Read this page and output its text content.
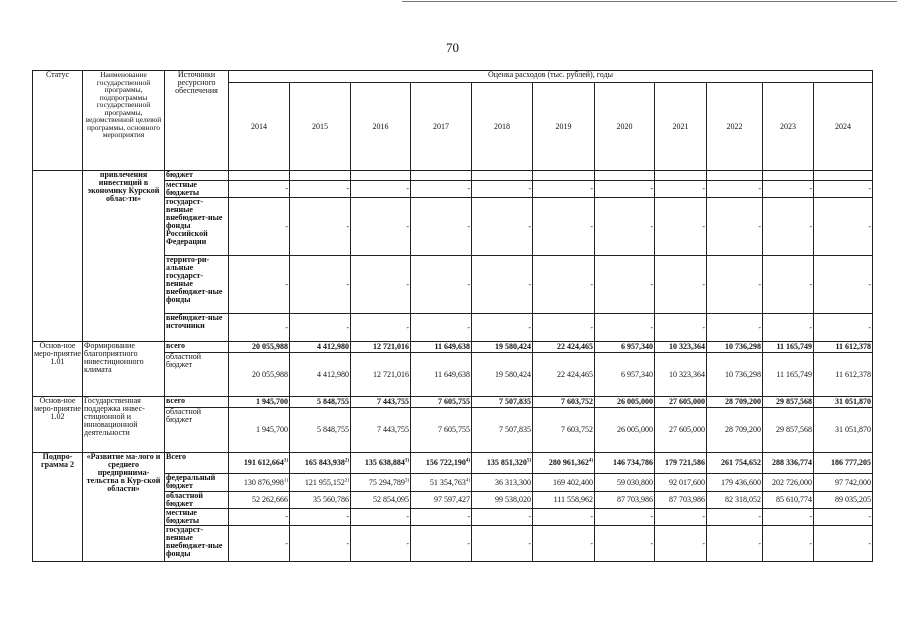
70
Статус	Наименование государственной программы, подпрограммы государственной программы, ведомственной целевой программы, основного мероприятия	Источники ресурсного обеспечения	Оценка расходов (тыс. рублей), годы										
			2014	2015	2016	2017	2018	2019	2020	2021	2022	2023	2024
	привлечения инвестиций в экономику Курской облас-ти»	бюджет											
		местные бюджеты	-	-	-	-	-	-	-	-	-	-	-
		государст-венные внебюджет-ные фонды Российской Федерации	-	-	-	-	-	-	-	-	-	-	-
		террито-ри-альные государст-венные внебюджет-ные фонды	-	-	-	-	-	-	-	-	-	-	-
		внебюджет-ные источники	-	-	-	-	-	-	-	-	-	-	-
Основ-ное меро-приятие 1.01	Формирование благоприятного инвестиционного климата	всего	20 055,988	4 412,980	12 721,016	11 649,638	19 580,424	22 424,465	6 957,340	10 323,364	10 736,298	11 165,749	11 612,378
		областной бюджет	20 055,988	4 412,980	12 721,016	11 649,638	19 580,424	22 424,465	6 957,340	10 323,364	10 736,298	11 165,749	11 612,378
Основ-ное меро-приятие 1.02	Государственная поддержка инвес-стиционной и инновационной деятельности	всего	1 945,700	5 848,755	7 443,755	7 605,755	7 507,835	7 603,752	26 005,000	27 605,000	28 709,200	29 857,568	31 051,870
		областной бюджет	1 945,700	5 848,755	7 443,755	7 605,755	7 507,835	7 603,752	26 005,000	27 605,000	28 709,200	29 857,568	31 051,870
Подпро-грамма 2	«Развитие ма-лого и среднего предпринима-тельства в Кур-ской области»	Всего	191 612,664$^{1)}$	165 843,938$^{2)}$	135 638,884$^{3)}$	156 722,190$^{4)}$	135 851,320$^{5)}$	280 961,362$^{4)}$	146 734,786	179 721,586	261 754,652	288 336,774	186 777,205
		федеральный бюджет	130 876,998$^{1)}$	121 955,152$^{2)}$	75 294,789$^{3)}$	51 354,763$^{4)}$	36 313,300	169 402,400	59 030,800	92 017,600	179 436,600	202 726,000	97 742,000
		областной бюджет	52 262,666	35 560,786	52 854,095	97 597,427	99 538,020	111 558,962	87 703,986	87 703,986	82 318,052	85 610,774	89 035,205
		местные бюджеты	-	-	-	-	-	-	-	-	-	-	-
		государст-венные внебюджет-ные фонды	-	-	-	-	-	-	-	-	-	-	-
